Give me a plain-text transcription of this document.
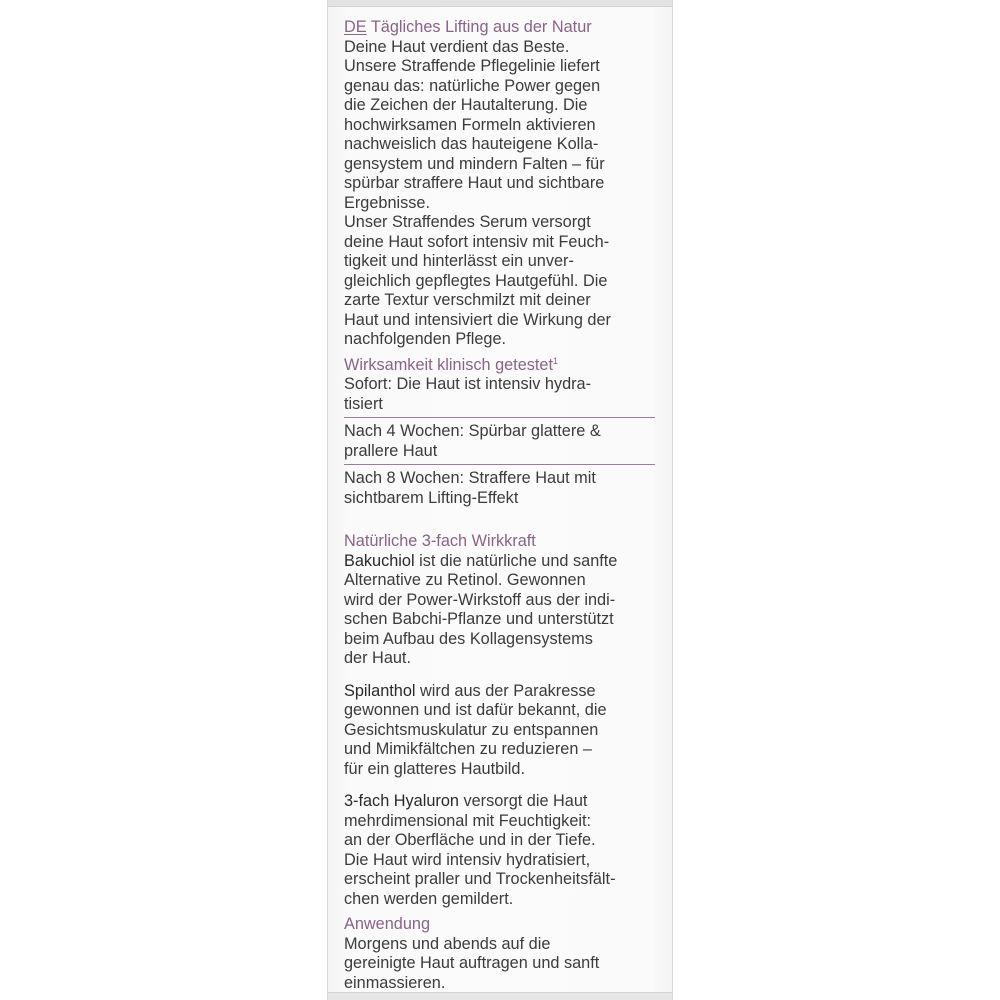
DE Tägliches Lifting aus der Natur

Deine Haut verdient das Beste.
Unsere Straffende Pflegelinie liefert
genau das: natürliche Power gegen
die Zeichen der Hautalterung. Die
hochwirksamen Formeln aktivieren
nachweislich das hauteigene Kolla-
gensystem und mindern Falten – für
spürbar straffere Haut und sichtbare
Ergebnisse.
Unser Straffendes Serum versorgt
deine Haut sofort intensiv mit Feuch-
tigkeit und hinterlässt ein unver-
gleichlich gepflegtes Hautgefühl. Die
zarte Textur verschmilzt mit deiner
Haut und intensiviert die Wirkung der
nachfolgenden Pflege.

Wirksamkeit klinisch getestet$^1$

Sofort: Die Haut ist intensiv hydra-
tisiert
Nach 4 Wochen: Spürbar glattere &
prallere Haut
Nach 8 Wochen: Straffere Haut mit
sichtbarem Lifting-Effekt

Natürliche 3-fach Wirkkraft

Bakuchiol ist die natürliche und sanfte
Alternative zu Retinol. Gewonnen
wird der Power-Wirkstoff aus der indi-
schen Babchi-Pflanze und unterstützt
beim Aufbau des Kollagensystems
der Haut.

Spilanthol wird aus der Parakresse
gewonnen und ist dafür bekannt, die
Gesichtsmuskulatur zu entspannen
und Mimikfältchen zu reduzieren –
für ein glatteres Hautbild.

3-fach Hyaluron versorgt die Haut
mehrdimensional mit Feuchtigkeit:
an der Oberfläche und in der Tiefe.
Die Haut wird intensiv hydratisiert,
erscheint praller und Trockenheitsfält-
chen werden gemildert.

Anwendung

Morgens und abends auf die
gereinigte Haut auftragen und sanft
einmassieren.
